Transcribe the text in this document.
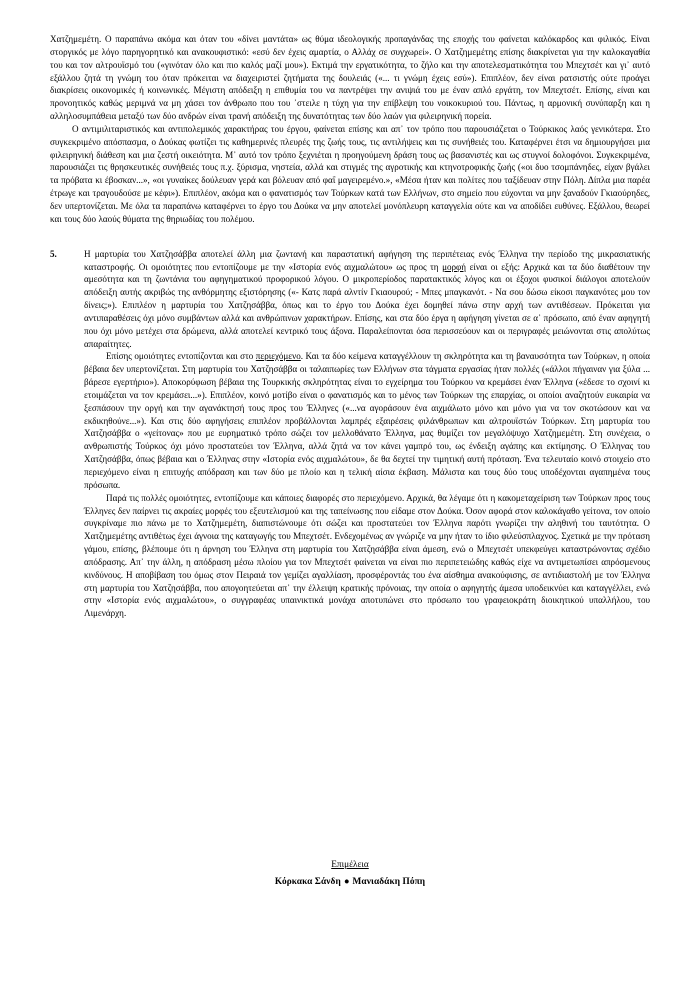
Χατζημεμέτη. Ο παραπάνω ακόμα και όταν του «δίνει μαντάτα» ως θύμα ιδεολογικής προπαγάνδας της εποχής του φαίνεται καλόκαρδος και φιλικός. Είναι στοργικός με λόγο παρηγορητικό και ανακουφιστικό: «εσύ δεν έχεις αμαρτία, ο Αλλάχ σε συγχωρεί». Ο Χατζημεμέτης επίσης διακρίνεται για την καλοκαγαθία του και τον αλτρουϊσμό του («γινόταν όλο και πιο καλός μαζί μου»). Εκτιμά την εργατικότητα, το ζήλο και την αποτελεσματικότητα του Μπεχτσέτ και γι᾿ αυτό εξάλλου ζητά τη γνώμη του όταν πρόκειται να διαχειριστεί ζητήματα της δουλειάς («... τι γνώμη έχεις εσύ»). Επιπλέον, δεν είναι ρατσιστής ούτε προάγει διακρίσεις οικονομικές ή κοινωνικές. Μέγιστη απόδειξη η επιθυμία του να παντρέψει την ανιψιά του με έναν απλό εργάτη, τον Μπεχτσέτ. Επίσης, είναι και προνοητικός καθώς μεριμνά να μη χάσει τον άνθρωπο που του ᾿στειλε η τύχη για την επίβλεψη του νοικοκυριού του. Πάντως, η αρμονική συνύπαρξη και η αλληλοσυμπάθεια μεταξύ των δύο ανδρών είναι τρανή απόδειξη της δυνατότητας των δύο λαών για φιλειρηνική πορεία.

Ο αντιμιλιταριστικός και αντιπολεμικός χαρακτήρας του έργου, φαίνεται επίσης και απ᾿ τον τρόπο που παρουσιάζεται ο Τούρκικος λαός γενικότερα. Στο συγκεκριμένο απόσπασμα, ο Δούκας φωτίζει τις καθημερινές πλευρές της ζωής τους, τις αντιλήψεις και τις συνήθειές του. Καταφέρνει έτσι να δημιουργήσει μια φιλειρηνική διάθεση και μια ζεστή οικειότητα. Μ᾿ αυτό τον τρόπο ξεχνιέται η προηγούμενη δράση τους ως βασανιστές και ως στυγνοί δολοφόνοι. Συγκεκριμένα, παρουσιάζει τις θρησκευτικές συνήθειές τους π.χ. ξύρισμα, νηστεία, αλλά και στιγμές της αγροτικής και κτηνοτροφικής ζωής («οι δυο τσομπάνηδες, είχαν βγάλει τα πρόβατα κι έβοσκαν...», «οι γυναίκες δούλευαν γερά και βόλευαν από φαΐ μαγειρεμένο.», «Μέσα ήταν και πολίτες που ταξίδευαν στην Πόλη. Δίπλα μια παρέα έτρωγε και τραγουδούσε με κέφι»). Επιπλέον, ακόμα και ο φανατισμός των Τούρκων κατά των Ελλήνων, στο σημείο που εύχονται να μην ξαναδούν Γκιαούρηδες, δεν υπερτονίζεται. Με όλα τα παραπάνω καταφέρνει το έργο του Δούκα να μην αποτελεί μονόπλευρη καταγγελία ούτε και να αποδίδει ευθύνες. Εξάλλου, θεωρεί και τους δύο λαούς θύματα της θηριωδίας του πολέμου.

5.	Η μαρτυρία του Χατζησάββα αποτελεί άλλη μια ζωντανή και παραστατική αφήγηση της περιπέτειας ενός Έλληνα την περίοδο της μικρασιατικής καταστροφής. Οι ομοιότητες που εντοπίζουμε με την «Ιστορία ενός αιχμαλώτου» ως προς τη μορφή είναι οι εξής: Αρχικά και τα δύο διαθέτουν την αμεσότητα και τη ζωντάνια του αφηγηματικού προφορικού λόγου. Ο μικροπερίοδος παρατακτικός λόγος και οι έξοχοι φυσικοί διάλογοι αποτελούν απόδειξη αυτής ακριβώς της ανθόρμητης εξιστόρησης («- Κατς παρά αλντίν Γκιαουρού; - Μπες μπαγκανότ. - Να σου δώσω είκοσι παγκανότες μου τον δίνεις;»). Επιπλέον η μαρτυρία του Χατζησάββα, όπως και το έργο του Δούκα έχει δομηθεί πάνω στην αρχή των αντιθέσεων. Πρόκειται για αντιπαραθέσεις όχι μόνο συμβάντων αλλά και ανθρώπινων χαρακτήρων. Επίσης, και στα δύο έργα η αφήγηση γίνεται σε α᾿ πρόσωπο, από έναν αφηγητή που όχι μόνο μετέχει στα δρώμενα, αλλά αποτελεί κεντρικό τους άξονα. Παραλείπονται όσα περισσεύουν και οι περιγραφές μειώνονται στις απολύτως απαραίτητες.

Επίσης ομοιότητες εντοπίζονται και στο περιεχόμενο. Και τα δύο κείμενα καταγγέλλουν τη σκληρότητα και τη βαναυσότητα των Τούρκων, η οποία βέβαια δεν υπερτονίζεται. Στη μαρτυρία του Χατζησάββα οι ταλαιπωρίες των Ελλήνων στα τάγματα εργασίας ήταν πολλές («άλλοι πήγαιναν για ξύλα ... βάρεσε εγερτήριο»). Αποκορύφωση βέβαια της Τουρκικής σκληρότητας είναι το εγχείρημα του Τούρκου να κρεμάσει έναν Έλληνα («έδεσε το σχοινί κι ετοιμάζεται να τον κρεμάσει...»). Επιπλέον, κοινό μοτίβο είναι ο φανατισμός και το μένος των Τούρκων της επαρχίας, οι οποίοι αναζητούν ευκαιρία να ξεσπάσουν την οργή και την αγανάκτησή τους προς του Έλληνες («...να αγοράσουν ένα αιχμάλωτο μόνο και μόνο για να τον σκοτώσουν και να εκδικηθούνε...»). Και στις δύο αφηγήσεις επιπλέον προβάλλονται λαμπρές εξαιρέσεις φιλάνθρωπων και αλτρουϊστών Τούρκων. Στη μαρτυρία του Χατζησάββα ο «γείτονας» που με ευρηματικό τρόπο σώζει τον μελλοθάνατο Έλληνα, μας θυμίζει τον μεγαλόψυχο Χατζημεμέτη. Στη συνέχεια, ο ανθρωπιστής Τούρκος όχι μόνο προστατεύει τον Έλληνα, αλλά ζητά να τον κάνει γαμπρό του, ως ένδειξη αγάπης και εκτίμησης. Ο Έλληνας του Χατζησάββα, όπως βέβαια και ο Έλληνας στην «Ιστορία ενός αιχμαλώτου», δε θα δεχτεί την τιμητική αυτή πρόταση. Ένα τελευταίο κοινό στοιχείο στο περιεχόμενο είναι η επιτυχής απόδραση και των δύο με πλοίο και η τελική αίσια έκβαση. Μάλιστα και τους δύο τους υποδέχονται αγαπημένα τους πρόσωπα.

Παρά τις πολλές ομοιότητες, εντοπίζουμε και κάποιες διαφορές στο περιεχόμενο. Αρχικά, θα λέγαμε ότι η κακομεταχείριση των Τούρκων προς τους Έλληνες δεν παίρνει τις ακραίες μορφές του εξευτελισμού και της ταπείνωσης που είδαμε στον Δούκα. Όσον αφορά στον καλοκάγαθο γείτονα, τον οποίο συγκρίναμε πιο πάνω με το Χατζημεμέτη, διαπιστώνουμε ότι σώζει και προστατεύει τον Έλληνα παρότι γνωρίζει την αληθινή του ταυτότητα. Ο Χατζημεμέτης αντιθέτως έχει άγνοια της καταγωγής του Μπεχτσέτ. Ενδεχομένως αν γνώριζε να μην ήταν το ίδιο φιλεύσπλαχνος. Σχετικά με την πρόταση γάμου, επίσης, βλέπουμε ότι η άρνηση του Έλληνα στη μαρτυρία του Χατζησάββα είναι άμεση, ενώ ο Μπεχτσέτ υπεκφεύγει καταστρώνοντας σχέδιο απόδρασης. Απ᾿ την άλλη, η απόδραση μέσω πλοίου για τον Μπεχτσέτ φαίνεται να είναι πιο περιπετειώδης καθώς είχε να αντιμετωπίσει απρόσμενους κινδύνους. Η αποβίβαση του όμως στον Πειραιά τον γεμίζει αγαλλίαση, προσφέροντάς του ένα αίσθημα ανακούφισης, σε αντιδιαστολή με τον Έλληνα στη μαρτυρία του Χατζησάββα, που απογοητεύεται απ᾿ την έλλειψη κρατικής πρόνοιας, την οποία ο αφηγητής άμεσα υποδεικνύει και καταγγέλλει, ενώ στην «Ιστορία ενός αιχμαλώτου», ο συγγραφέας υπαινικτικά μονάχα αποτυπώνει στο πρόσωπο του γραφειοκράτη διοικητικού υπαλλήλου, του Λιμενάρχη.

Επιμέλεια
Κόρκακα Σάνδη ● Μανιαδάκη Πόπη
